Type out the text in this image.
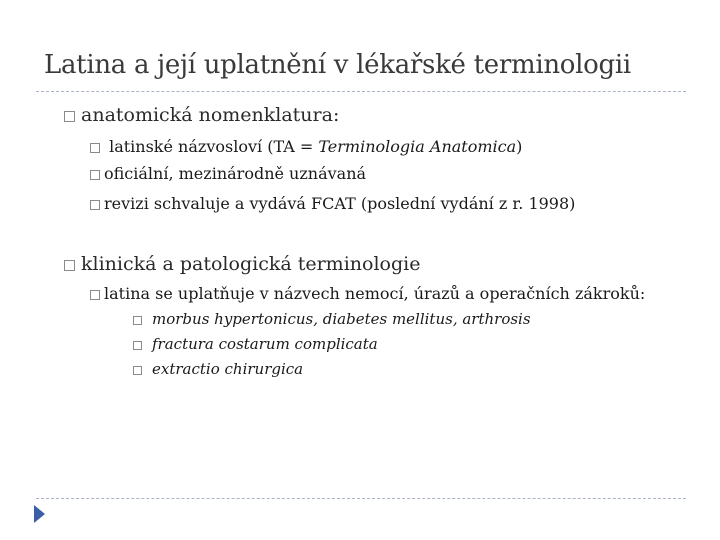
Latina a její uplatnění v lékařské terminologii
anatomická nomenklatura:
latinské názvosloví (TA = Terminologia Anatomica)
oficiální, mezinárodně uznávaná
revizi schvaluje a vydává FCAT (poslední vydání z r. 1998)
klinická a patologická terminologie
latina se uplatňuje v názvech nemocí, úrazů a operačních zákroků:
morbus hypertonicus, diabetes mellitus, arthrosis
fractura costarum complicata
extractio chirurgica
